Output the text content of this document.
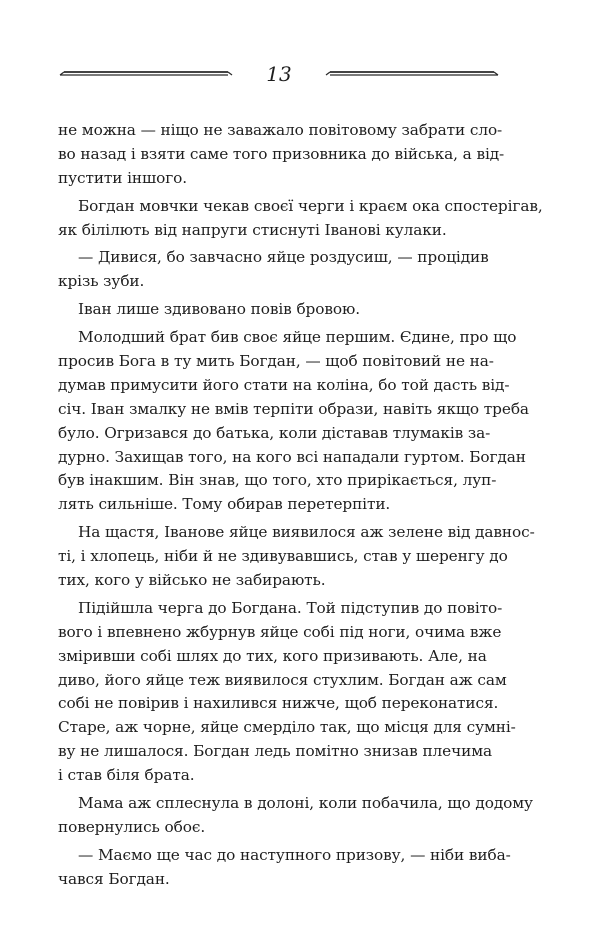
13
не можна — ніщо не заважало повітовому забрати сло-
во назад і взяти саме того призовника до війська, а від-
пустити іншого.
Богдан мовчки чекав своєї черги і краєм ока спостерігав,
як білілють від напруги стиснуті Іванові кулаки.
— Дивися, бо завчасно яйце роздусиш, — процідив
крізь зуби.
Іван лише здивовано повів бровою.
Молодший брат бив своє яйце першим. Єдине, про що
просив Бога в ту мить Богдан, — щоб повітовий не на-
думав примусити його стати на коліна, бо той дасть від-
січ. Іван змалку не вмів терпіти образи, навіть якщо треба
було. Огризався до батька, коли діставав тлумаків за-
дурно. Захищав того, на кого всі нападали гуртом. Богдан
був інакшим. Він знав, що того, хто прирікається, луп-
лять сильніше. Тому обирав перетерпіти.
На щастя, Іванове яйце виявилося аж зелене від давнос-
ті, і хлопець, ніби й не здивувавшись, став у шеренгу до
тих, кого у військо не забирають.
Підійшла черга до Богдана. Той підступив до повіто-
вого і впевнено жбурнув яйце собі під ноги, очима вже
зміривши собі шлях до тих, кого призивають. Але, на
диво, його яйце теж виявилося стухлим. Богдан аж сам
собі не повірив і нахилився нижче, щоб переконатися.
Старе, аж чорне, яйце смерділо так, що місця для сумні-
ву не лишалося. Богдан ледь помітно знизав плечима
і став біля брата.
Мама аж сплеснула в долоні, коли побачила, що додому
повернулись обоє.
— Маємо ще час до наступного призову, — ніби виба-
чався Богдан.
